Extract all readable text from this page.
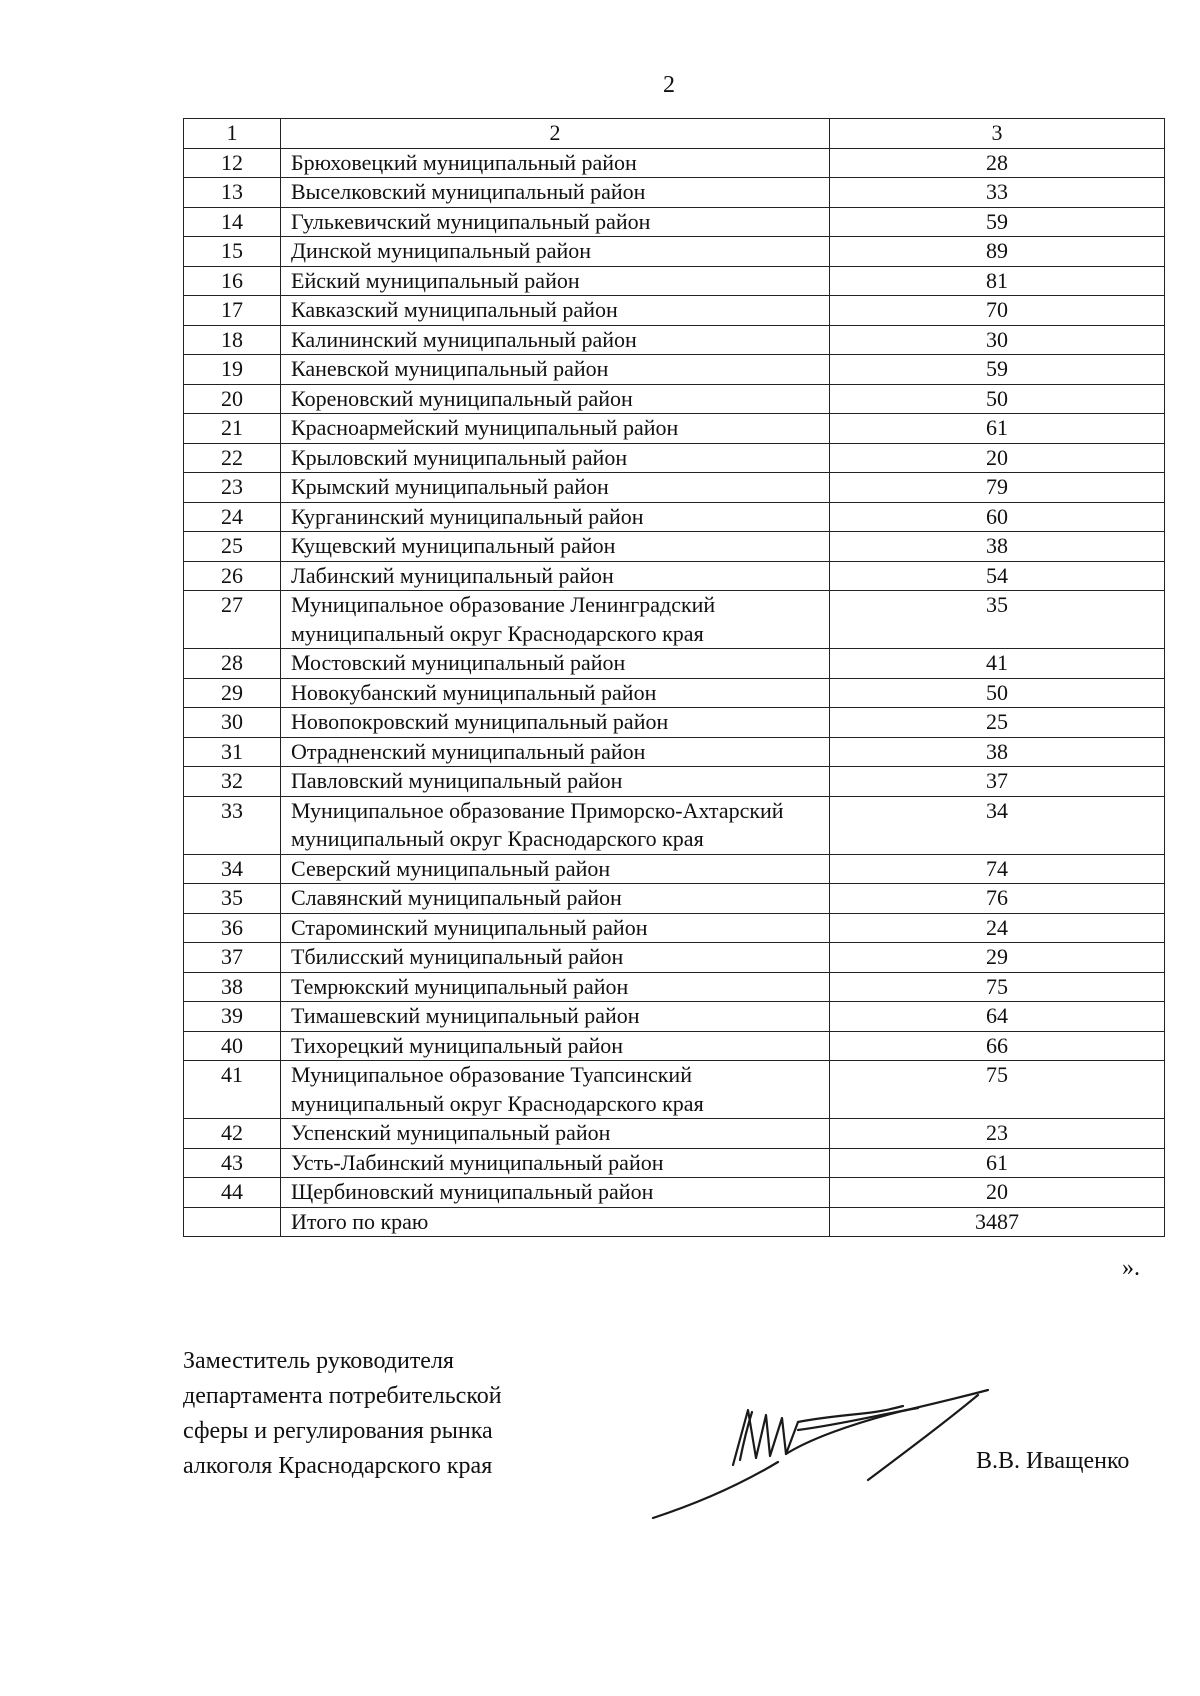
2
1	2	3
12	Брюховецкий муниципальный район	28
13	Выселковский муниципальный район	33
14	Гулькевичский муниципальный район	59
15	Динской муниципальный район	89
16	Ейский муниципальный район	81
17	Кавказский муниципальный район	70
18	Калининский муниципальный район	30
19	Каневской муниципальный район	59
20	Кореновский муниципальный район	50
21	Красноармейский муниципальный район	61
22	Крыловский муниципальный район	20
23	Крымский муниципальный район	79
24	Курганинский муниципальный район	60
25	Кущевский муниципальный район	38
26	Лабинский муниципальный район	54
27	Муниципальное образование Ленинградский муниципальный округ Краснодарского края	35
28	Мостовский муниципальный район	41
29	Новокубанский муниципальный район	50
30	Новопокровский муниципальный район	25
31	Отрадненский муниципальный район	38
32	Павловский муниципальный район	37
33	Муниципальное образование Приморско-Ахтарский муниципальный округ Краснодарского края	34
34	Северский муниципальный район	74
35	Славянский муниципальный район	76
36	Староминский муниципальный район	24
37	Тбилисский муниципальный район	29
38	Темрюкский муниципальный район	75
39	Тимашевский муниципальный район	64
40	Тихорецкий муниципальный район	66
41	Муниципальное образование Туапсинский муниципальный округ Краснодарского края	75
42	Успенский муниципальный район	23
43	Усть-Лабинский муниципальный район	61
44	Щербиновский муниципальный район	20
	Итого по краю	3487
».
Заместитель руководителя
департамента потребительской
сферы и регулирования рынка
алкоголя Краснодарского края	В.В. Иващенко
